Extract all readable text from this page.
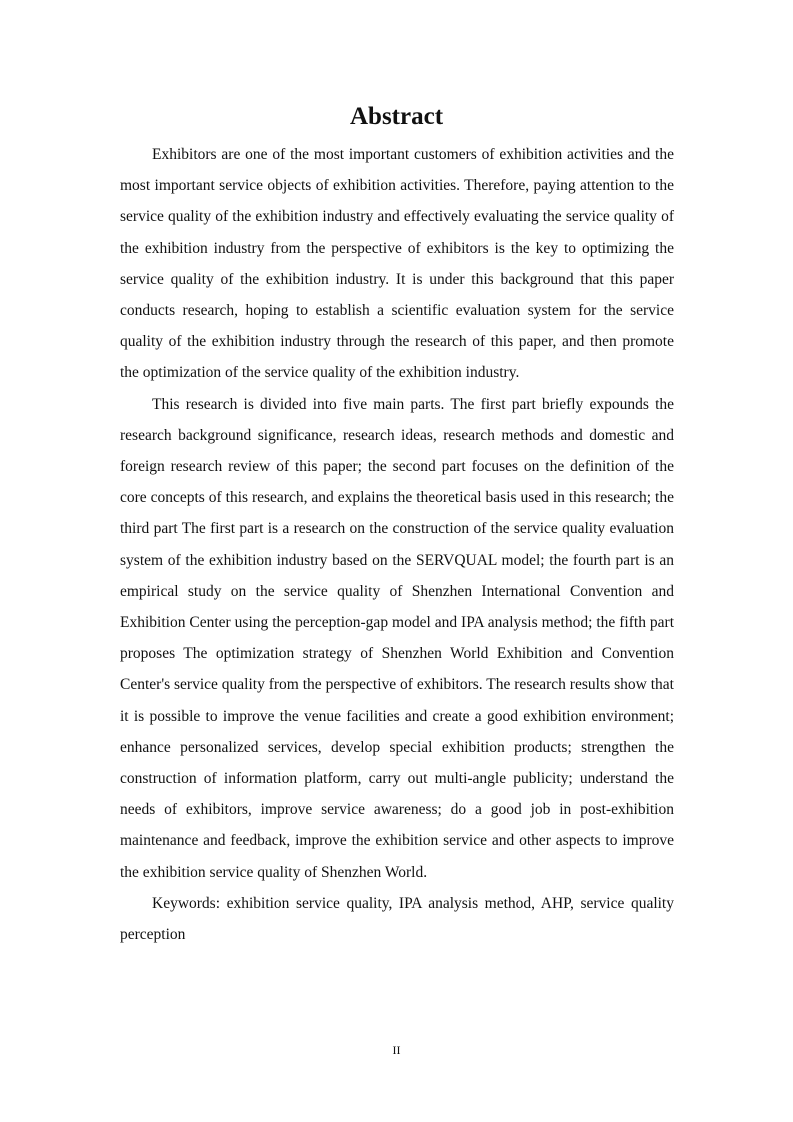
Abstract

Exhibitors are one of the most important customers of exhibition activities and the most important service objects of exhibition activities. Therefore, paying attention to the service quality of the exhibition industry and effectively evaluating the service quality of the exhibition industry from the perspective of exhibitors is the key to optimizing the service quality of the exhibition industry. It is under this background that this paper conducts research, hoping to establish a scientific evaluation system for the service quality of the exhibition industry through the research of this paper, and then promote the optimization of the service quality of the exhibition industry.

This research is divided into five main parts. The first part briefly expounds the research background significance, research ideas, research methods and domestic and foreign research review of this paper; the second part focuses on the definition of the core concepts of this research, and explains the theoretical basis used in this research; the third part The first part is a research on the construction of the service quality evaluation system of the exhibition industry based on the SERVQUAL model; the fourth part is an empirical study on the service quality of Shenzhen International Convention and Exhibition Center using the perception-gap model and IPA analysis method; the fifth part proposes The optimization strategy of Shenzhen World Exhibition and Convention Center's service quality from the perspective of exhibitors. The research results show that it is possible to improve the venue facilities and create a good exhibition environment; enhance personalized services, develop special exhibition products; strengthen the construction of information platform, carry out multi-angle publicity; understand the needs of exhibitors, improve service awareness; do a good job in post-exhibition maintenance and feedback, improve the exhibition service and other aspects to improve the exhibition service quality of Shenzhen World.

Keywords: exhibition service quality, IPA analysis method, AHP, service quality perception

II
